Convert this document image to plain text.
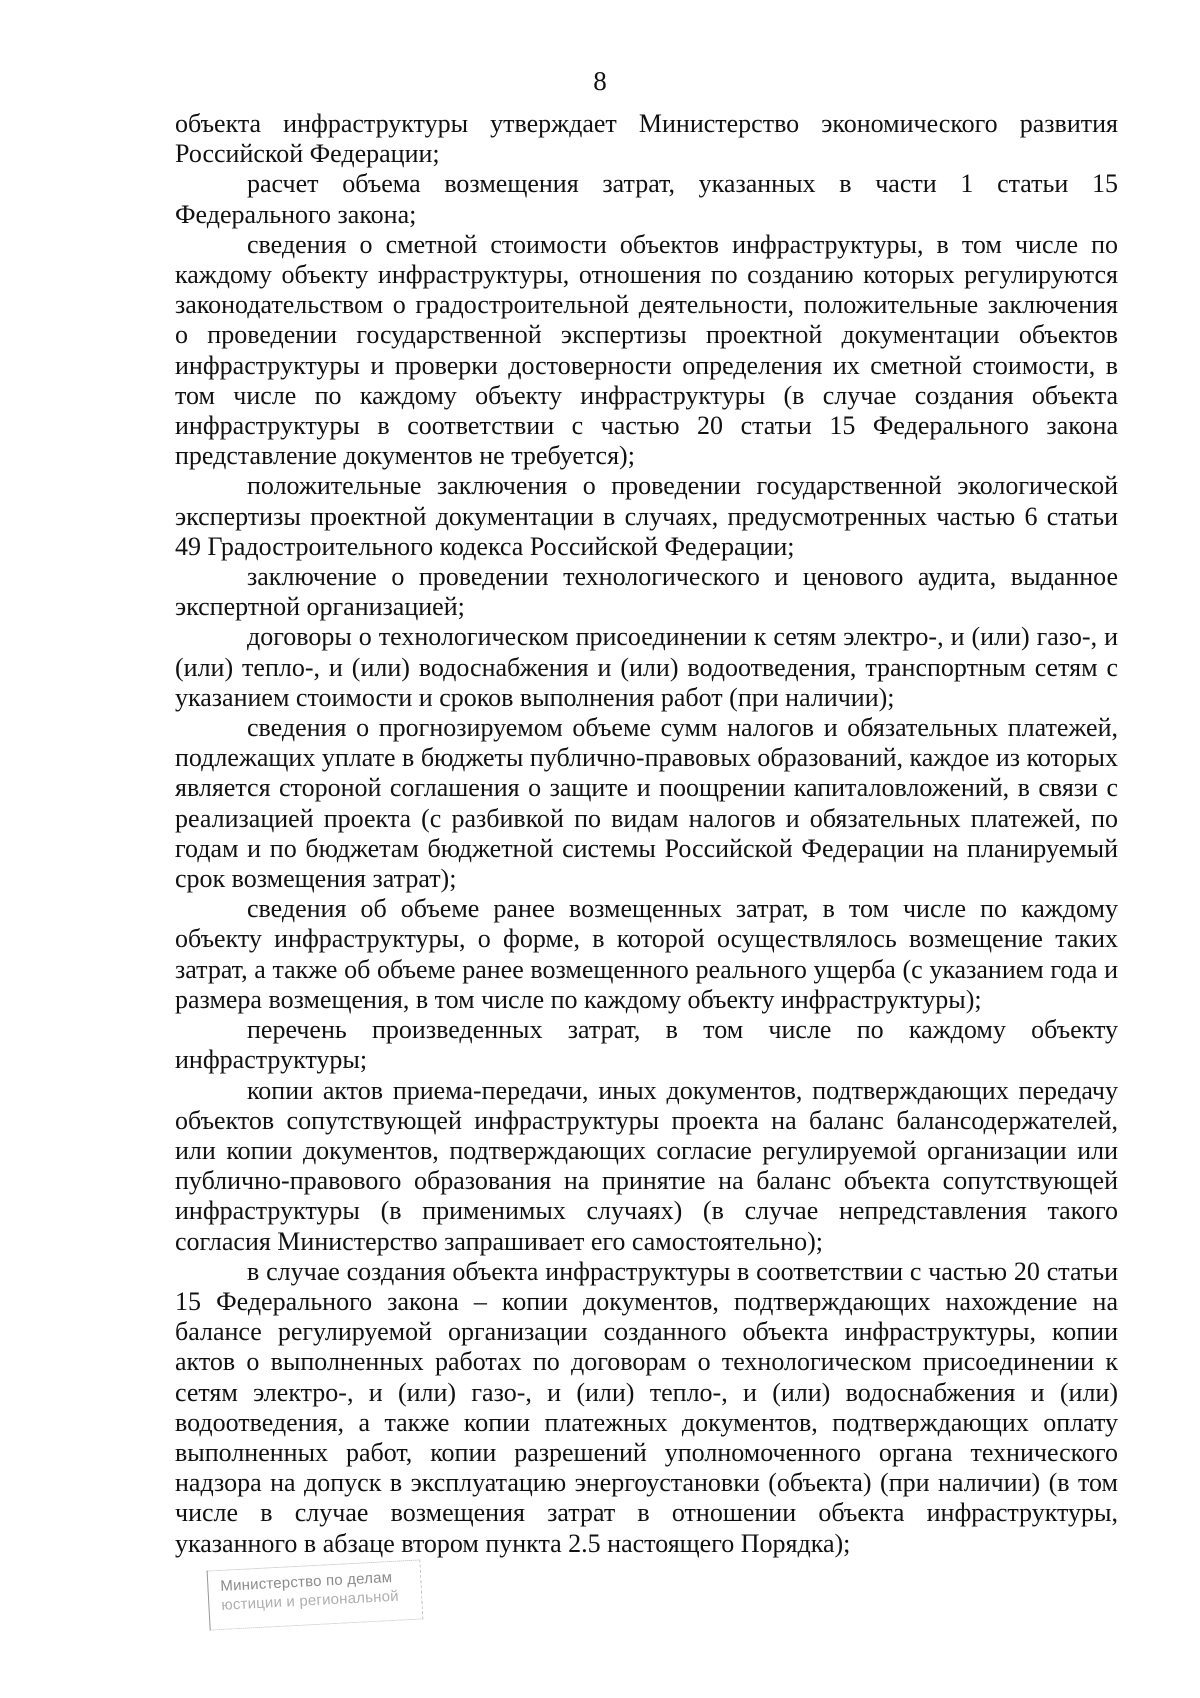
8

объекта инфраструктуры утверждает Министерство экономического развития Российской Федерации;

расчет объема возмещения затрат, указанных в части 1 статьи 15 Федерального закона;

сведения о сметной стоимости объектов инфраструктуры, в том числе по каждому объекту инфраструктуры, отношения по созданию которых регулируются законодательством о градостроительной деятельности, положительные заключения о проведении государственной экспертизы проектной документации объектов инфраструктуры и проверки достоверности определения их сметной стоимости, в том числе по каждому объекту инфраструктуры (в случае создания объекта инфраструктуры в соответствии с частью 20 статьи 15 Федерального закона представление документов не требуется);

положительные заключения о проведении государственной экологической экспертизы проектной документации в случаях, предусмотренных частью 6 статьи 49 Градостроительного кодекса Российской Федерации;

заключение о проведении технологического и ценового аудита, выданное экспертной организацией;

договоры о технологическом присоединении к сетям электро-, и (или) газо-, и (или) тепло-, и (или) водоснабжения и (или) водоотведения, транспортным сетям с указанием стоимости и сроков выполнения работ (при наличии);

сведения о прогнозируемом объеме сумм налогов и обязательных платежей, подлежащих уплате в бюджеты публично-правовых образований, каждое из которых является стороной соглашения о защите и поощрении капиталовложений, в связи с реализацией проекта (с разбивкой по видам налогов и обязательных платежей, по годам и по бюджетам бюджетной системы Российской Федерации на планируемый срок возмещения затрат);

сведения об объеме ранее возмещенных затрат, в том числе по каждому объекту инфраструктуры, о форме, в которой осуществлялось возмещение таких затрат, а также об объеме ранее возмещенного реального ущерба (с указанием года и размера возмещения, в том числе по каждому объекту инфраструктуры);

перечень произведенных затрат, в том числе по каждому объекту инфраструктуры;

копии актов приема-передачи, иных документов, подтверждающих передачу объектов сопутствующей инфраструктуры проекта на баланс балансодержателей, или копии документов, подтверждающих согласие регулируемой организации или публично-правового образования на принятие на баланс объекта сопутствующей инфраструктуры (в применимых случаях) (в случае непредставления такого согласия Министерство запрашивает его самостоятельно);

в случае создания объекта инфраструктуры в соответствии с частью 20 статьи 15 Федерального закона – копии документов, подтверждающих нахождение на балансе регулируемой организации созданного объекта инфраструктуры, копии актов о выполненных работах по договорам о технологическом присоединении к сетям электро-, и (или) газо-, и (или) тепло-, и (или) водоснабжения и (или) водоотведения, а также копии платежных документов, подтверждающих оплату выполненных работ, копии разрешений уполномоченного органа технического надзора на допуск в эксплуатацию энергоустановки (объекта) (при наличии) (в том числе в случае возмещения затрат в отношении объекта инфраструктуры, указанного в абзаце втором пункта 2.5 настоящего Порядка);

Министерство по делам
юстиции и региональной
